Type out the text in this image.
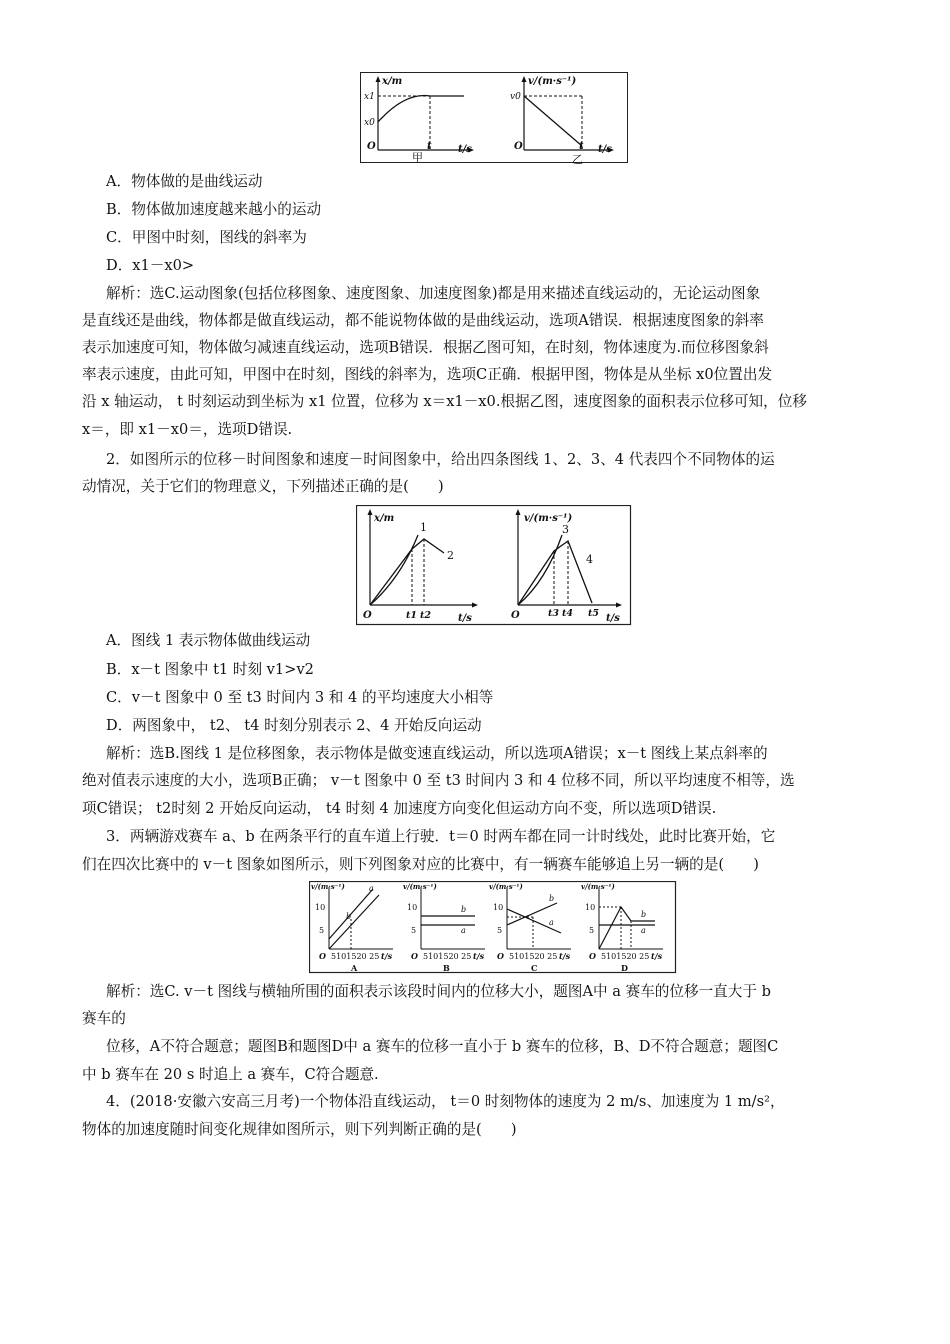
x/m
x1
x0
O	t	t/s
甲
v/(m·s⁻¹)
v0
O	t t/s
乙
A．物体做的是曲线运动
B．物体做加速度越来越小的运动
C．甲图中时刻，图线的斜率为
D．x1－x0>
解析：选C.运动图象(包括位移图象、速度图象、加速度图象)都是用来描述直线运动的，无论运动图象
是直线还是曲线，物体都是做直线运动，都不能说物体做的是曲线运动，选项A错误．根据速度图象的斜率
表示加速度可知，物体做匀减速直线运动，选项B错误．根据乙图可知，在时刻，物体速度为.而位移图象斜
率表示速度，由此可知，甲图中在时刻，图线的斜率为，选项C正确．根据甲图，物体是从坐标 x0位置出发
沿 x 轴运动， t 时刻运动到坐标为 x1 位置，位移为 x＝x1－x0.根据乙图，速度图象的面积表示位移可知，位移
x＝，即 x1－x0＝，选项D错误.
2．如图所示的位移－时间图象和速度－时间图象中，给出四条图线 1、2、3、4 代表四个不同物体的运
动情况，关于它们的物理意义，下列描述正确的是(　　)
x/m
1
2
O	t1 t2	t/s
v/(m·s⁻¹)
3
4
O	t3 t4 t5 t/s
A．图线 1 表示物体做曲线运动
B．x－t 图象中 t1 时刻 v1>v2
C．v－t 图象中 0 至 t3 时间内 3 和 4 的平均速度大小相等
D．两图象中， t2、 t4 时刻分别表示 2、4 开始反向运动
解析：选B.图线 1 是位移图象，表示物体是做变速直线运动，所以选项A错误；x－t 图线上某点斜率的
绝对值表示速度的大小，选项B正确； v－t 图象中 0 至 t3 时间内 3 和 4 位移不同，所以平均速度不相等，选
项C错误； t2时刻 2 开始反向运动， t4 时刻 4 加速度方向变化但运动方向不变，所以选项D错误.
3．两辆游戏赛车 a、b 在两条平行的直车道上行驶．t＝0 时两车都在同一计时线处，此时比赛开始，它
们在四次比赛中的 v－t 图象如图所示，则下列图象对应的比赛中，有一辆赛车能够追上另一辆的是(　　)
v/(m·s⁻¹)
10
5
O 5101520 25 t/s
a
b
A
v/(m·s⁻¹)
10
5
O 5101520 25 t/s
b
a
B
v/(m·s⁻¹)
10
5
O 5101520 25 t/s
b
a
C
v/(m·s⁻¹)
10
5
O 5101520 25 t/s
b
a
D
解析：选C. v－t 图线与横轴所围的面积表示该段时间内的位移大小，题图A中 a 赛车的位移一直大于 b
赛车的
位移，A不符合题意；题图B和题图D中 a 赛车的位移一直小于 b 赛车的位移，B、D不符合题意；题图C
中 b 赛车在 20 s 时追上 a 赛车，C符合题意.
4．(2018·安徽六安高三月考)一个物体沿直线运动， t＝0 时刻物体的速度为 2 m/s、加速度为 1 m/s²，
物体的加速度随时间变化规律如图所示，则下列判断正确的是(　　)
